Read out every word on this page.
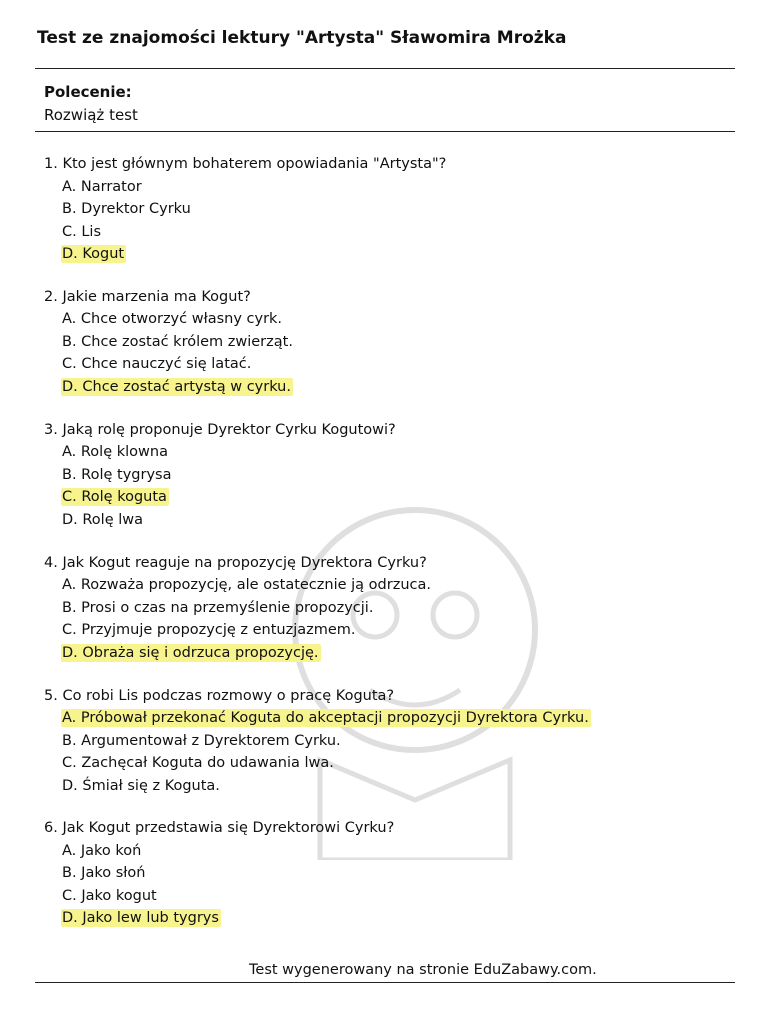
Test ze znajomości lektury "Artysta" Sławomira Mrożka
Polecenie:
Rozwiąż test
1. Kto jest głównym bohaterem opowiadania "Artysta"?
A. Narrator
B. Dyrektor Cyrku
C. Lis
D. Kogut
2. Jakie marzenia ma Kogut?
A. Chce otworzyć własny cyrk.
B. Chce zostać królem zwierząt.
C. Chce nauczyć się latać.
D. Chce zostać artystą w cyrku.
3. Jaką rolę proponuje Dyrektor Cyrku Kogutowi?
A. Rolę klowna
B. Rolę tygrysa
C. Rolę koguta
D. Rolę lwa
4. Jak Kogut reaguje na propozycję Dyrektora Cyrku?
A. Rozważa propozycję, ale ostatecznie ją odrzuca.
B. Prosi o czas na przemyślenie propozycji.
C. Przyjmuje propozycję z entuzjazmem.
D. Obraża się i odrzuca propozycję.
5. Co robi Lis podczas rozmowy o pracę Koguta?
A. Próbował przekonać Koguta do akceptacji propozycji Dyrektora Cyrku.
B. Argumentował z Dyrektorem Cyrku.
C. Zachęcał Koguta do udawania lwa.
D. Śmiał się z Koguta.
6. Jak Kogut przedstawia się Dyrektorowi Cyrku?
A. Jako koń
B. Jako słoń
C. Jako kogut
D. Jako lew lub tygrys
Test wygenerowany na stronie EduZabawy.com.
